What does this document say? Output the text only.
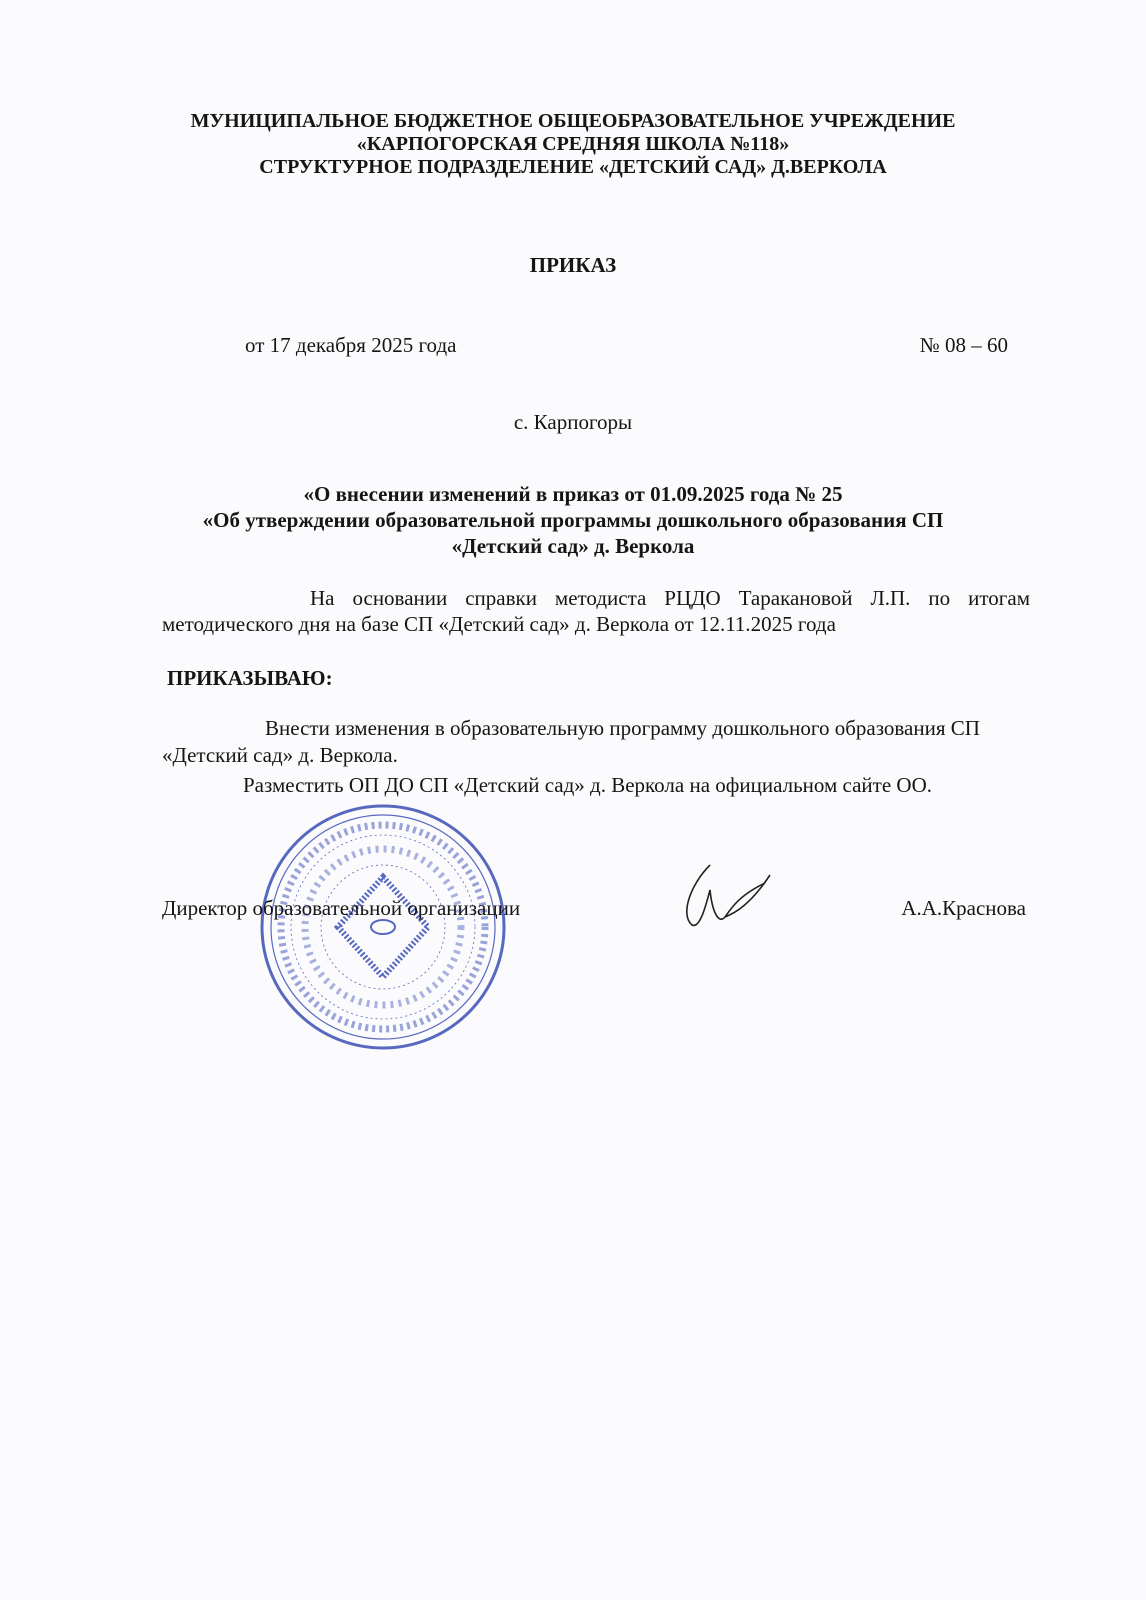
МУНИЦИПАЛЬНОЕ БЮДЖЕТНОЕ ОБЩЕОБРАЗОВАТЕЛЬНОЕ УЧРЕЖДЕНИЕ
«КАРПОГОРСКАЯ СРЕДНЯЯ ШКОЛА №118»
СТРУКТУРНОЕ ПОДРАЗДЕЛЕНИЕ «ДЕТСКИЙ САД» Д.ВЕРКОЛА
ПРИКАЗ
от 17 декабря 2025 года	№ 08 – 60
с. Карпогоры
«О внесении изменений в приказ от 01.09.2025 года № 25
«Об утверждении образовательной программы дошкольного образования СП
«Детский сад» д. Веркола
На основании справки методиста РЦДО Таракановой Л.П. по итогам
методического дня на базе СП «Детский сад» д. Веркола от 12.11.2025 года
ПРИКАЗЫВАЮ:
Внести изменения в образовательную программу дошкольного образования СП
«Детский сад» д. Веркола.
Разместить ОП ДО СП «Детский сад» д. Веркола на официальном сайте ОО.
Директор образовательной организации	А.А.Краснова
